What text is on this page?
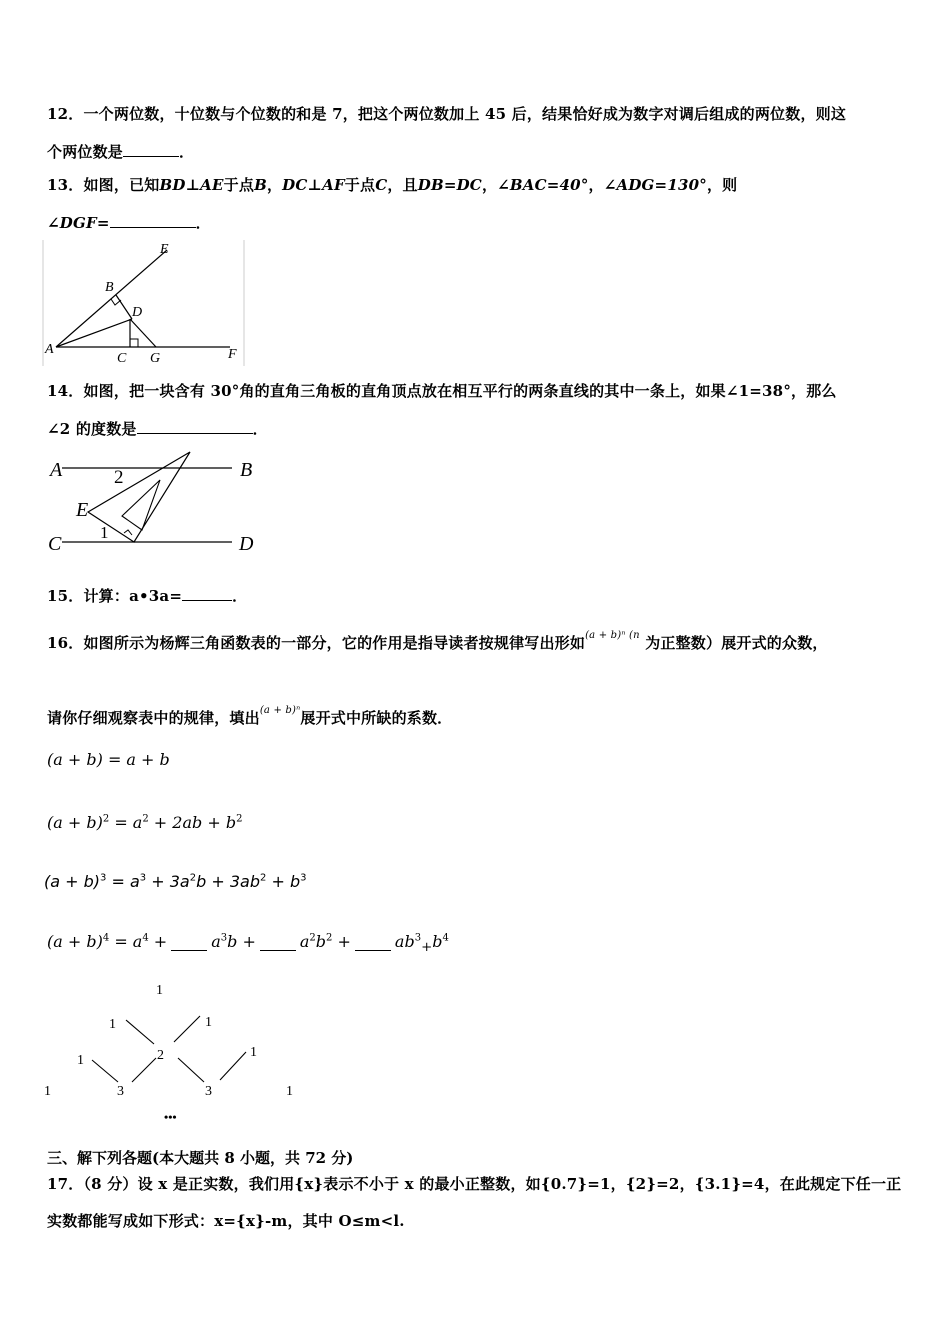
12．一个两位数，十位数与个位数的和是 7，把这个两位数加上 45 后，结果恰好成为数字对调后组成的两位数，则这
个两位数是	．
13．如图，已知BD⊥AE于点B，DC⊥AF于点C，且DB=DC，∠BAC=40°，∠ADG=130°，则
∠DGF=	．
E
B
D
A
C G	F
14．如图，把一块含有 30°角的直角三角板的直角顶点放在相互平行的两条直线的其中一条上，如果∠1=38°，那么
∠2 的度数是	．
A	B
C	D
E
1
2
15．计算：a•3a=	．
16．如图所示为杨辉三角函数表的一部分，它的作用是指导读者按规律写出形如$^{(a + b)^n (n}$ 为正整数）展开式的众数，
请你仔细观察表中的规律，填出$^{(a + b)^n}$展开式中所缺的系数．
(a + b) = a + b
$(a + b)^2 = a^2 + 2ab + b^2$
$(a + b)^3 = a^3 + 3a^2b + 3ab^2 + b^3$
$(a + b)^4 = a^4$ +	$a^3b$ +	$a^2b^2$ +	$ab^3_+b^4$
1
1	1
1	2	1
1	3	3	1
•••
三、解下列各题(本大题共 8 小题，共 72 分)
17．（8 分）设 x 是正实数，我们用{x}表示不小于 x 的最小正整数，如{0.7}=1，{2}=2，{3.1}=4，在此规定下任一正
实数都能写成如下形式：x={x}-m，其中 O≤m<l.
